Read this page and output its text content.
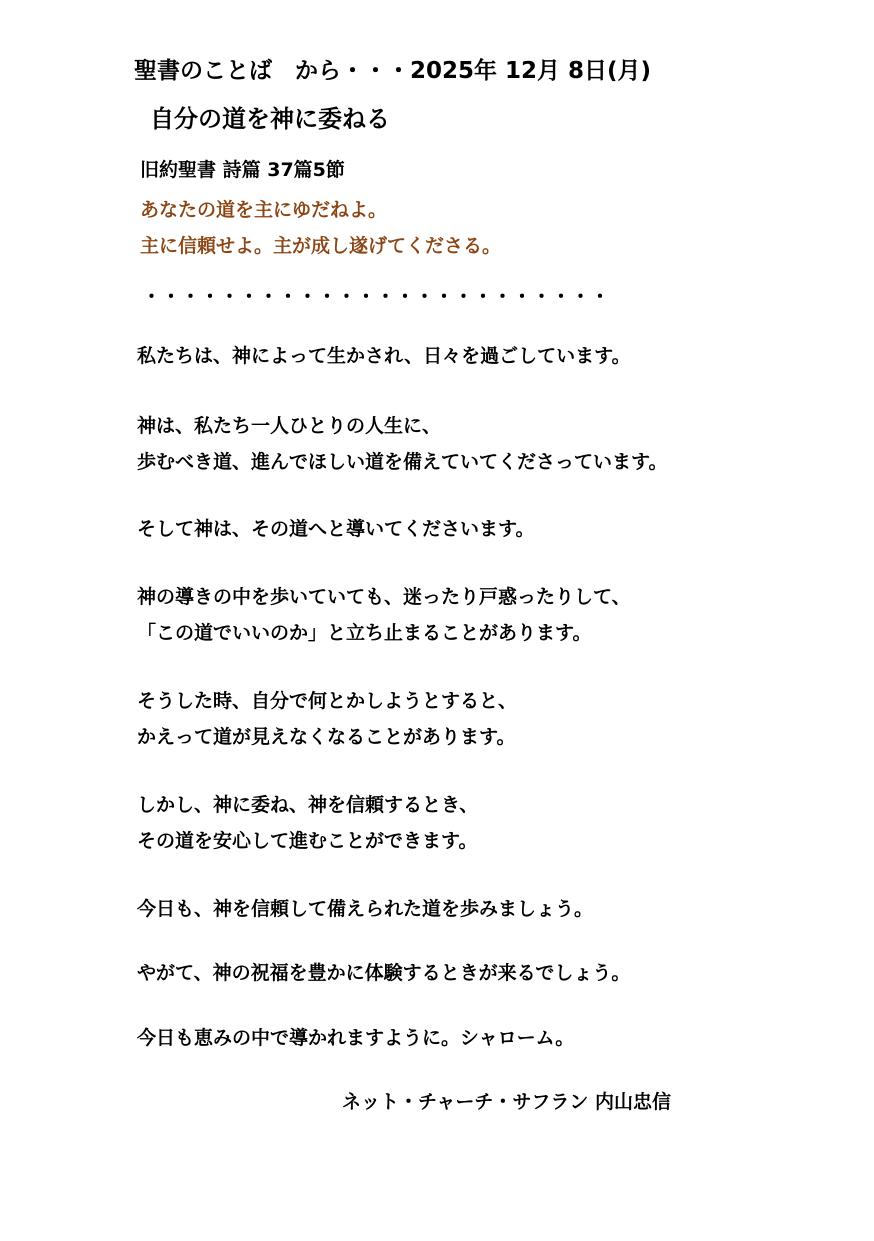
聖書のことば　から・・・2025年 12月 8日(月)
自分の道を神に委ねる
旧約聖書 詩篇 37篇5節
あなたの道を主にゆだねよ。
主に信頼せよ。主が成し遂げてくださる。
・・・・・・・・・・・・・・・・・・・・・・・・
私たちは、神によって生かされ、日々を過ごしています。
神は、私たち一人ひとりの人生に、
歩むべき道、進んでほしい道を備えていてくださっています。
そして神は、その道へと導いてくださいます。
神の導きの中を歩いていても、迷ったり戸惑ったりして、
「この道でいいのか」と立ち止まることがあります。
そうした時、自分で何とかしようとすると、
かえって道が見えなくなることがあります。
しかし、神に委ね、神を信頼するとき、
その道を安心して進むことができます。
今日も、神を信頼して備えられた道を歩みましょう。
やがて、神の祝福を豊かに体験するときが来るでしょう。
今日も恵みの中で導かれますように。シャローム。
ネット・チャーチ・サフラン 内山忠信
